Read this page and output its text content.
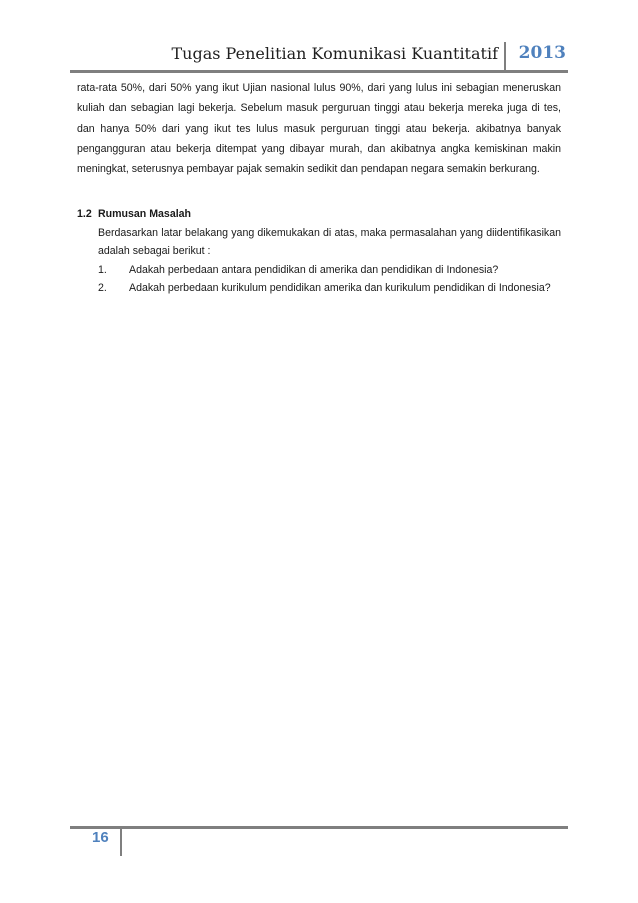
Tugas Penelitian Komunikasi Kuantitatif 2013
rata-rata 50%, dari 50% yang ikut Ujian nasional lulus 90%, dari yang lulus ini sebagian meneruskan kuliah dan sebagian lagi bekerja. Sebelum masuk perguruan tinggi atau bekerja mereka juga di tes, dan hanya 50% dari yang ikut tes lulus masuk perguruan tinggi atau bekerja. akibatnya banyak pengangguran atau bekerja ditempat yang dibayar murah, dan akibatnya angka kemiskinan makin meningkat, seterusnya pembayar pajak semakin sedikit dan pendapan negara semakin berkurang.
1.2 Rumusan Masalah
Berdasarkan latar belakang yang dikemukakan di atas, maka permasalahan yang diidentifikasikan adalah sebagai berikut :
1.	Adakah perbedaan antara pendidikan di amerika dan pendidikan di Indonesia?
2.	Adakah perbedaan kurikulum pendidikan amerika dan kurikulum pendidikan di Indonesia?
16
